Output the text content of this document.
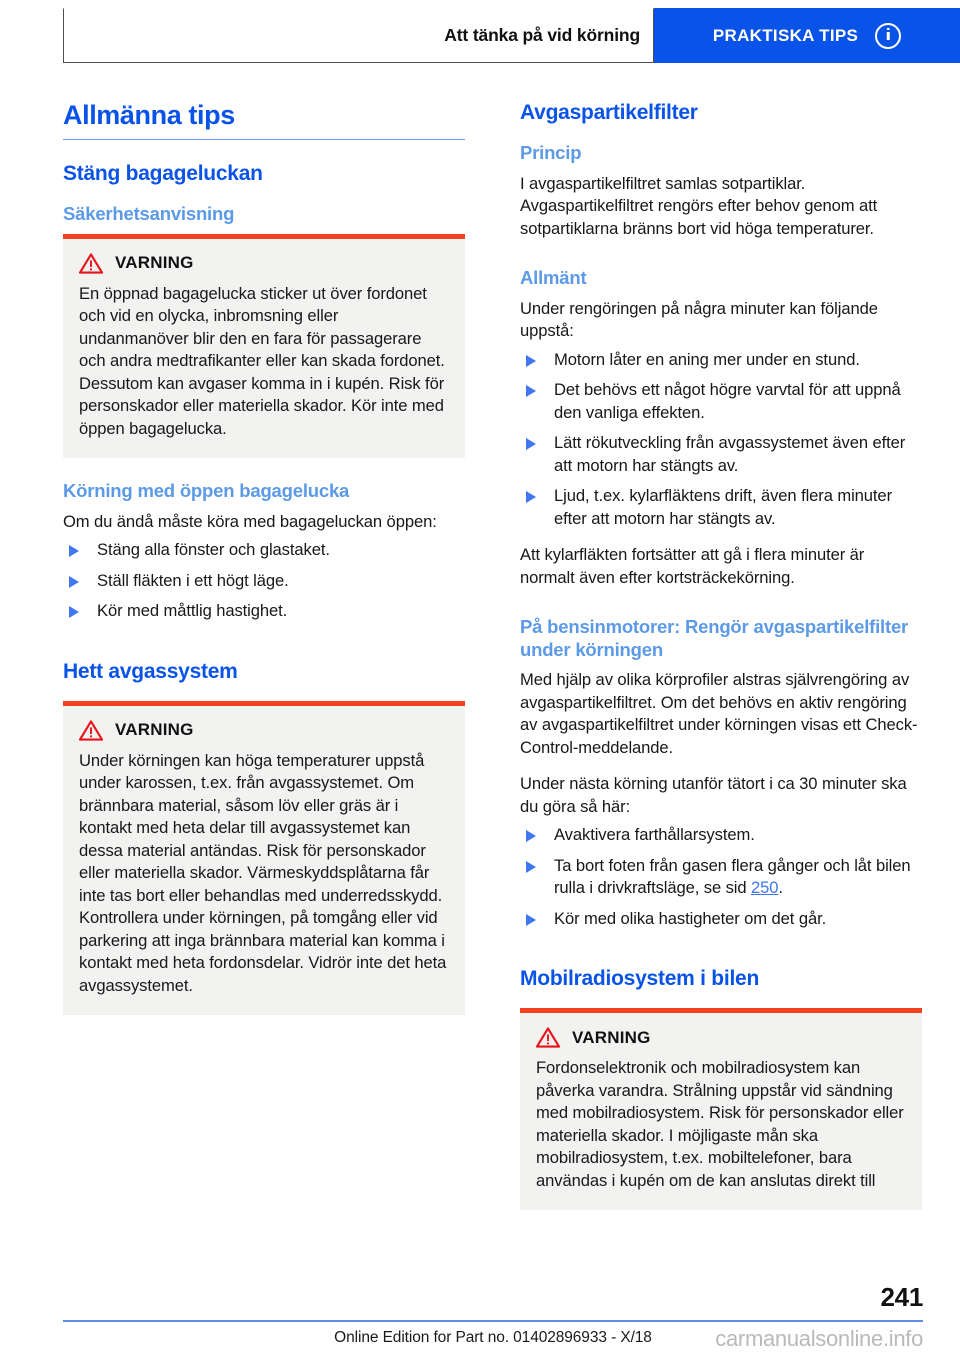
Att tänka på vid körning	PRAKTISKA TIPS
Allmänna tips
Stäng bagageluckan
Säkerhetsanvisning
VARNING

En öppnad bagagelucka sticker ut över fordonet och vid en olycka, inbromsning eller undanmanöver blir den en fara för passagerare och andra medtrafikanter eller kan skada fordonet. Dessutom kan avgaser komma in i kupén. Risk för personskador eller materiella skador. Kör inte med öppen bagagelucka.

Körning med öppen bagagelucka

Om du ändå måste köra med bagageluckan öppen:

Stäng alla fönster och glastaket.
Ställ fläkten i ett högt läge.
Kör med måttlig hastighet.
Hett avgassystem
VARNING

Under körningen kan höga temperaturer uppstå under karossen, t.ex. från avgassystemet. Om brännbara material, såsom löv eller gräs är i kontakt med heta delar till avgassystemet kan dessa material antändas. Risk för personskador eller materiella skador. Värmeskyddsplåtarna får inte tas bort eller behandlas med underredsskydd. Kontrollera under körningen, på tomgång eller vid parkering att inga brännbara material kan komma i kontakt med heta fordonsdelar. Vidrör inte det heta avgassystemet.

Avgaspartikelfilter
Princip

I avgaspartikelfiltret samlas sotpartiklar. Avgaspartikelfiltret rengörs efter behov genom att sotpartiklarna bränns bort vid höga temperaturer.

Allmänt

Under rengöringen på några minuter kan följande uppstå:

Motorn låter en aning mer under en stund.
Det behövs ett något högre varvtal för att uppnå den vanliga effekten.
Lätt rökutveckling från avgassystemet även efter att motorn har stängts av.
Ljud, t.ex. kylarfläktens drift, även flera minuter efter att motorn har stängts av.

Att kylarfläkten fortsätter att gå i flera minuter är normalt även efter kortsträckekörning.

På bensinmotorer: Rengör avgaspartikelfilter under körningen

Med hjälp av olika körprofiler alstras självrengöring av avgaspartikelfiltret. Om det behövs en aktiv rengöring av avgaspartikelfiltret under körningen visas ett Check-Control-meddelande.

Under nästa körning utanför tätort i ca 30 minuter ska du göra så här:

Avaktivera farthållarsystem.
Ta bort foten från gasen flera gånger och låt bilen rulla i drivkraftsläge, se sid 250.
Kör med olika hastigheter om det går.
Mobilradiosystem i bilen
VARNING

Fordonselektronik och mobilradiosystem kan påverka varandra. Strålning uppstår vid sändning med mobilradiosystem. Risk för personskador eller materiella skador. I möjligaste mån ska mobilradiosystem, t.ex. mobiltelefoner, bara användas i kupén om de kan anslutas direkt till

241
Online Edition for Part no. 01402896933 - X/18	carmanualsonline.info
